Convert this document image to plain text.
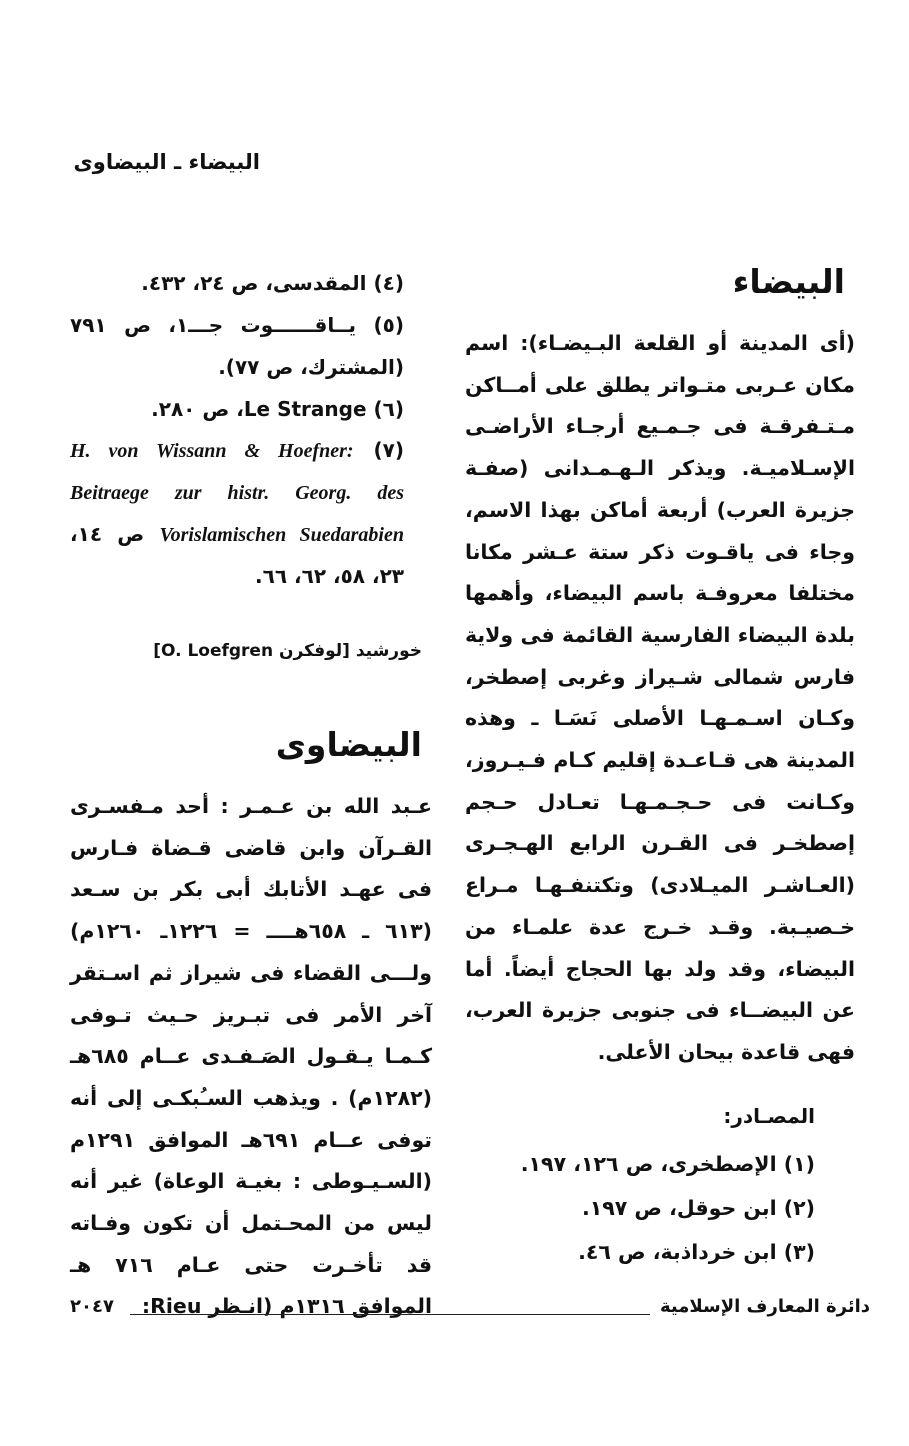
البيضاء ـ البيضاوى
البيضاء

(أى المدينة أو القلعة البـيضـاء): اسم مكان عـربى متـواتر يطلق على أمــاكن مـتـفرقـة فى جـمـيع أرجـاء الأراضـى الإسـلاميـة. ويذكر الـهـمـدانى (صفـة جزيرة العرب) أربعة أماكن بهذا الاسم، وجاء فى ياقـوت ذكر ستة عـشر مكانا مختلفا معروفـة باسم البيضاء، وأهمها بلدة البيضاء الفارسية القائمة فى ولاية فارس شمالى شـيراز وغربى إصطخر، وكـان اسـمـهـا الأصلى نَسَـا ـ وهذه المدينة هى قـاعـدة إقليم كـام فـيـروز، وكـانت فى حـجـمـهـا تعـادل حـجم إصطخـر فى القـرن الرابع الهـجـرى (العـاشـر الميـلادى) وتكتنفـهـا مـراع خـصيـبة. وقـد خـرج عدة علمـاء من البيضاء، وقد ولد بها الحجاج أيضاً. أما عن البيضــاء فى جنوبى جزيرة العرب، فهى قاعدة بيحان الأعلى.

المصـادر:
(١) الإصطخرى، ص ١٢٦، ١٩٧.
(٢) ابن حوقل، ص ١٩٧.
(٣) ابن خرداذبة، ص ٤٦.

(٤) المقدسى، ص ٢٤، ٤٣٢.

(٥) يــاقــــــوت جـــ١، ص ٧٩١ (المشترك، ص ٧٧).

(٦) Le Strange، ص ٢٨٠.

(٧) H. von Wissann & Hoefner: Beitraege zur histr. Georg. des Vorislamischen Suedarabien ص ١٤، ٢٣، ٥٨، ٦٢، ٦٦.

خورشيد [لوفكرن O. Loefgren]
البيضاوى

عـبد الله بن عـمـر : أحد مـفسـرى القـرآن وابن قاضى قـضاة فـارس فى عهـد الأتابك أبى بكر بن سـعد (٦١٣ ـ ٦٥٨هــــ = ١٢٢٦ـ ١٢٦٠م) ولـــى القضاء فى شيراز ثم اسـتقر آخر الأمر فى تبـريز حـيث تـوفى كـمـا يـقـول الصَـفـدى عــام ٦٨٥هـ (١٢٨٢م) . ويذهب السـُبكـى إلى أنه توفى عــام ٦٩١هـ الموافق ١٢٩١م (السـيـوطى : بغيـة الوعاة) غير أنه ليس من المحـتمل أن تكون وفـاته قد تأخـرت حتى عـام ٧١٦ هـ الموافق ١٣١٦م (انـظر Rieu:

٢٠٤٧	دائرة المعارف الإسلامية
